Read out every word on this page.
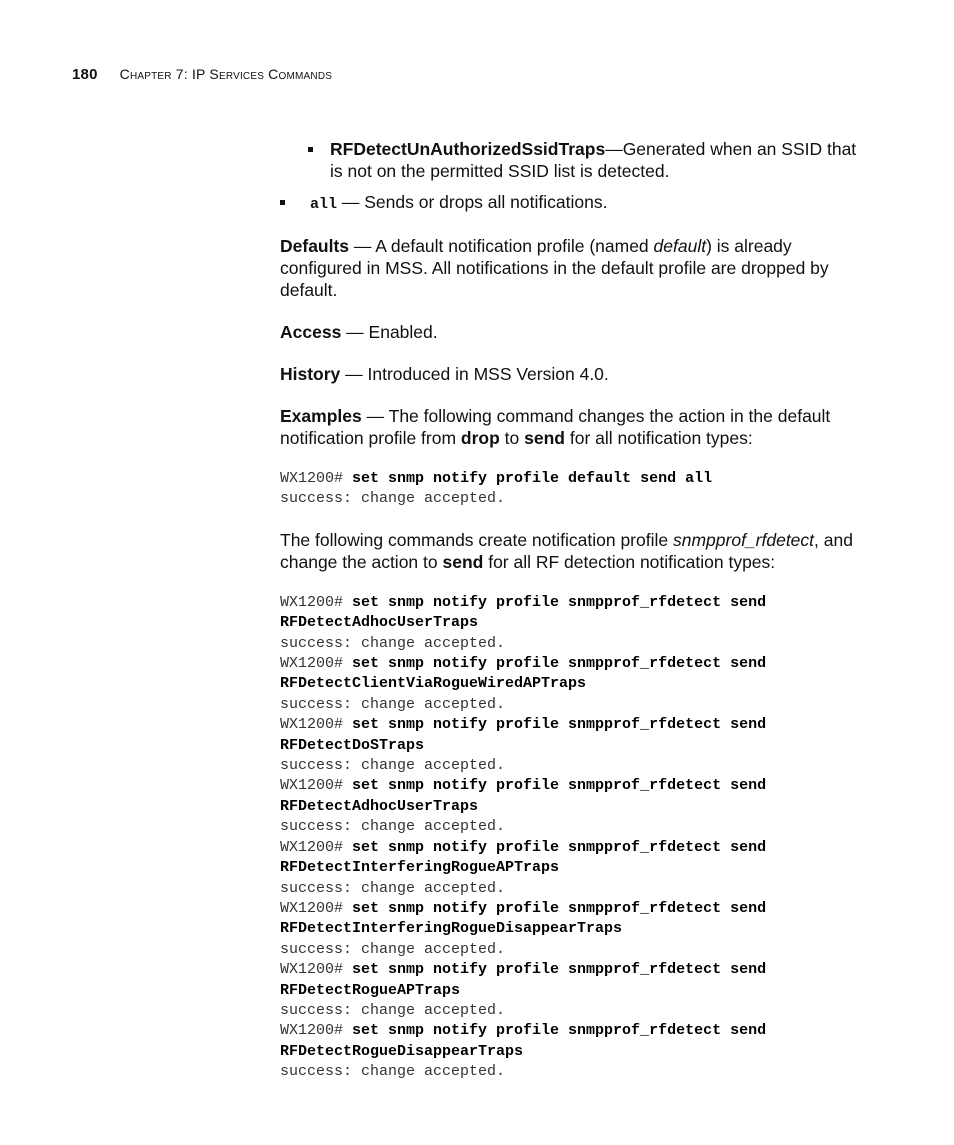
180 Chapter 7: IP Services Commands
RFDetectUnAuthorizedSsidTraps—Generated when an SSID that is not on the permitted SSID list is detected.
all — Sends or drops all notifications.

Defaults — A default notification profile (named default) is already configured in MSS. All notifications in the default profile are dropped by default.

Access — Enabled.

History — Introduced in MSS Version 4.0.

Examples — The following command changes the action in the default notification profile from drop to send for all notification types:

WX1200# set snmp notify profile default send all
success: change accepted.

The following commands create notification profile snmpprof_rfdetect, and change the action to send for all RF detection notification types:

WX1200# set snmp notify profile snmpprof_rfdetect send
RFDetectAdhocUserTraps
success: change accepted.
WX1200# set snmp notify profile snmpprof_rfdetect send
RFDetectClientViaRogueWiredAPTraps
success: change accepted.
WX1200# set snmp notify profile snmpprof_rfdetect send
RFDetectDoSTraps
success: change accepted.
WX1200# set snmp notify profile snmpprof_rfdetect send
RFDetectAdhocUserTraps
success: change accepted.
WX1200# set snmp notify profile snmpprof_rfdetect send
RFDetectInterferingRogueAPTraps
success: change accepted.
WX1200# set snmp notify profile snmpprof_rfdetect send
RFDetectInterferingRogueDisappearTraps
success: change accepted.
WX1200# set snmp notify profile snmpprof_rfdetect send
RFDetectRogueAPTraps
success: change accepted.
WX1200# set snmp notify profile snmpprof_rfdetect send
RFDetectRogueDisappearTraps
success: change accepted.
